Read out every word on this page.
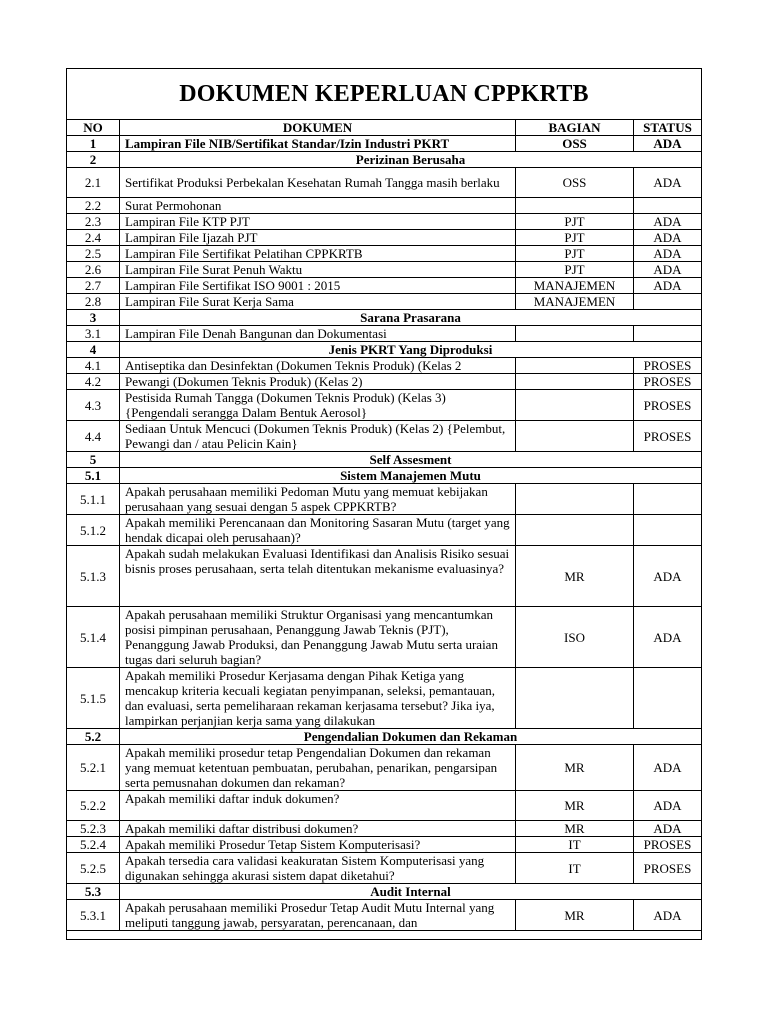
DOKUMEN KEPERLUAN CPPKRTB
NO	DOKUMEN	BAGIAN	STATUS
1	Lampiran File NIB/Sertifikat Standar/Izin Industri PKRT	OSS	ADA
2	Perizinan Berusaha		
2.1	Sertifikat Produksi Perbekalan Kesehatan Rumah Tangga masih berlaku	OSS	ADA
2.2	Surat Permohonan		
2.3	Lampiran File KTP PJT	PJT	ADA
2.4	Lampiran File Ijazah PJT	PJT	ADA
2.5	Lampiran File Sertifikat Pelatihan CPPKRTB	PJT	ADA
2.6	Lampiran File Surat Penuh Waktu	PJT	ADA
2.7	Lampiran File Sertifikat ISO 9001 : 2015	MANAJEMEN	ADA
2.8	Lampiran File Surat Kerja Sama	MANAJEMEN	
3	Sarana Prasarana		
3.1	Lampiran File Denah Bangunan dan Dokumentasi		
4	Jenis PKRT Yang Diproduksi		
4.1	Antiseptika dan Desinfektan (Dokumen Teknis Produk) (Kelas 2		PROSES
4.2	Pewangi (Dokumen Teknis Produk) (Kelas 2)		PROSES
4.3	Pestisida Rumah Tangga (Dokumen Teknis Produk) (Kelas 3) {Pengendali serangga Dalam Bentuk Aerosol}		PROSES
4.4	Sediaan Untuk Mencuci (Dokumen Teknis Produk) (Kelas 2) {Pelembut, Pewangi dan / atau Pelicin Kain}		PROSES
5	Self Assesment		
5.1	Sistem Manajemen Mutu		
5.1.1	Apakah perusahaan memiliki Pedoman Mutu yang memuat kebijakan perusahaan yang sesuai dengan 5 aspek CPPKRTB?		
5.1.2	Apakah memiliki Perencanaan dan Monitoring Sasaran Mutu (target yang hendak dicapai oleh perusahaan)?		
5.1.3	Apakah sudah melakukan Evaluasi Identifikasi dan Analisis Risiko sesuai bisnis proses perusahaan, serta telah ditentukan mekanisme evaluasinya?	MR	ADA
5.1.4	Apakah perusahaan memiliki Struktur Organisasi yang mencantumkan posisi pimpinan perusahaan, Penanggung Jawab Teknis (PJT), Penanggung Jawab Produksi, dan Penanggung Jawab Mutu serta uraian tugas dari seluruh bagian?	ISO	ADA
5.1.5	Apakah memiliki Prosedur Kerjasama dengan Pihak Ketiga yang mencakup kriteria kecuali kegiatan penyimpanan, seleksi, pemantauan, dan evaluasi, serta pemeliharaan rekaman kerjasama tersebut? Jika iya, lampirkan perjanjian kerja sama yang dilakukan		
5.2	Pengendalian Dokumen dan Rekaman		
5.2.1	Apakah memiliki prosedur tetap Pengendalian Dokumen dan rekaman yang memuat ketentuan pembuatan, perubahan, penarikan, pengarsipan serta pemusnahan dokumen dan rekaman?	MR	ADA
5.2.2	Apakah memiliki daftar induk dokumen?	MR	ADA
5.2.3	Apakah memiliki daftar distribusi dokumen?	MR	ADA
5.2.4	Apakah memiliki Prosedur Tetap Sistem Komputerisasi?	IT	PROSES
5.2.5	Apakah tersedia cara validasi keakuratan Sistem Komputerisasi yang digunakan sehingga akurasi sistem dapat diketahui?	IT	PROSES
5.3	Audit Internal		
5.3.1	Apakah perusahaan memiliki Prosedur Tetap Audit Mutu Internal yang meliputi tanggung jawab, persyaratan, perencanaan, dan	MR	ADA
